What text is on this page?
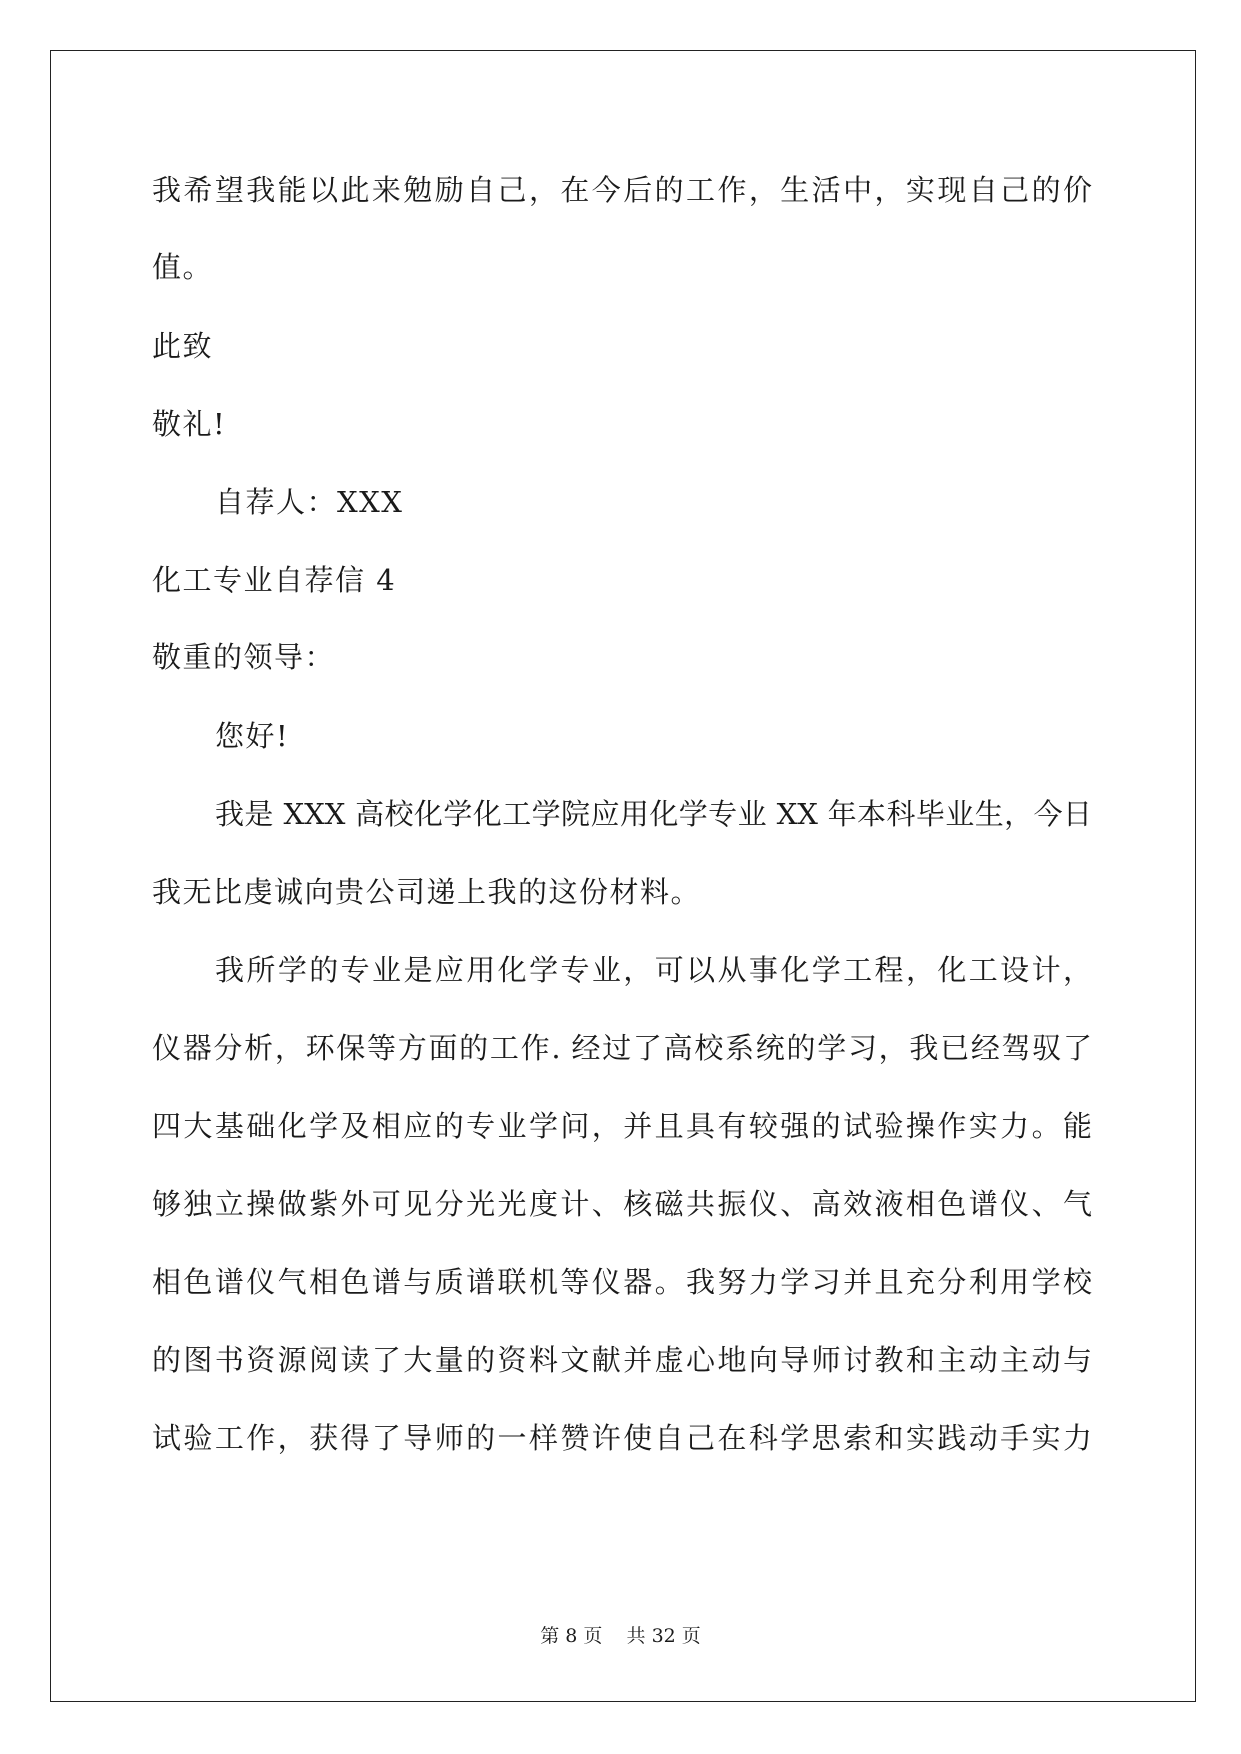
我希望我能以此来勉励自己，在今后的工作，生活中，实现自己的价
值。
此致
敬礼!
自荐人：XXX
化工专业自荐信 4
敬重的领导：
您好!
我是 XXX 高校化学化工学院应用化学专业 XX 年本科毕业生，今日
我无比虔诚向贵公司递上我的这份材料。
我所学的专业是应用化学专业，可以从事化学工程，化工设计，
仪器分析，环保等方面的工作. 经过了高校系统的学习，我已经驾驭了
四大基础化学及相应的专业学问，并且具有较强的试验操作实力。能
够独立操做紫外可见分光光度计、核磁共振仪、高效液相色谱仪、气
相色谱仪气相色谱与质谱联机等仪器。我努力学习并且充分利用学校
的图书资源阅读了大量的资料文献并虚心地向导师讨教和主动主动与
试验工作，获得了导师的一样赞许使自己在科学思索和实践动手实力
第 8 页    共 32 页
